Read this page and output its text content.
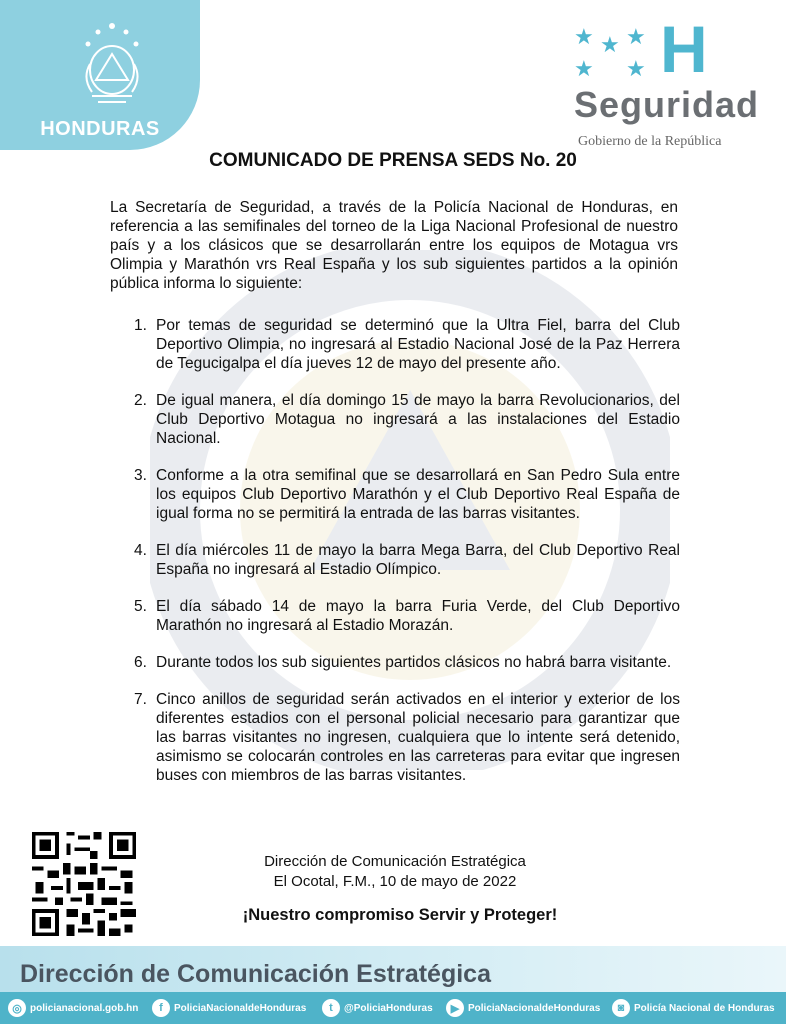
HONDURAS
★ ★ ★
★ ★ H
Seguridad
Gobierno de la República
COMUNICADO DE PRENSA SEDS No. 20
La Secretaría de Seguridad, a través de la Policía Nacional de Honduras, en referencia a las semifinales del torneo de la Liga Nacional Profesional de nuestro país y a los clásicos que se desarrollarán entre los equipos de Motagua vrs Olimpia y Marathón vrs Real España y los sub siguientes partidos a la opinión pública informa lo siguiente:
1. Por temas de seguridad se determinó que la Ultra Fiel, barra del Club Deportivo Olimpia, no ingresará al Estadio Nacional José de la Paz Herrera de Tegucigalpa el día jueves 12 de mayo del presente año.
2. De igual manera, el día domingo 15 de mayo la barra Revolucionarios, del Club Deportivo Motagua no ingresará a las instalaciones del Estadio Nacional.
3. Conforme a la otra semifinal que se desarrollará en San Pedro Sula entre los equipos Club Deportivo Marathón y el Club Deportivo Real España de igual forma no se permitirá la entrada de las barras visitantes.
4. El día miércoles 11 de mayo la barra Mega Barra, del Club Deportivo Real España no ingresará al Estadio Olímpico.
5. El día sábado 14 de mayo la barra Furia Verde, del Club Deportivo Marathón no ingresará al Estadio Morazán.
6. Durante todos los sub siguientes partidos clásicos no habrá barra visitante.
7. Cinco anillos de seguridad serán activados en el interior y exterior de los diferentes estadios con el personal policial necesario para garantizar que las barras visitantes no ingresen, cualquiera que lo intente será detenido, asimismo se colocarán controles en las carreteras para evitar que ingresen buses con miembros de las barras visitantes.
Dirección de Comunicación Estratégica
El Ocotal, F.M., 10 de mayo de 2022
¡Nuestro compromiso Servir y Proteger!
Dirección de Comunicación Estratégica
◎ policianacional.gob.hn	f	PoliciaNacionaldeHonduras	t	@PoliciaHonduras	▶ PoliciaNacionaldeHonduras	◙ Policía Nacional de Honduras
